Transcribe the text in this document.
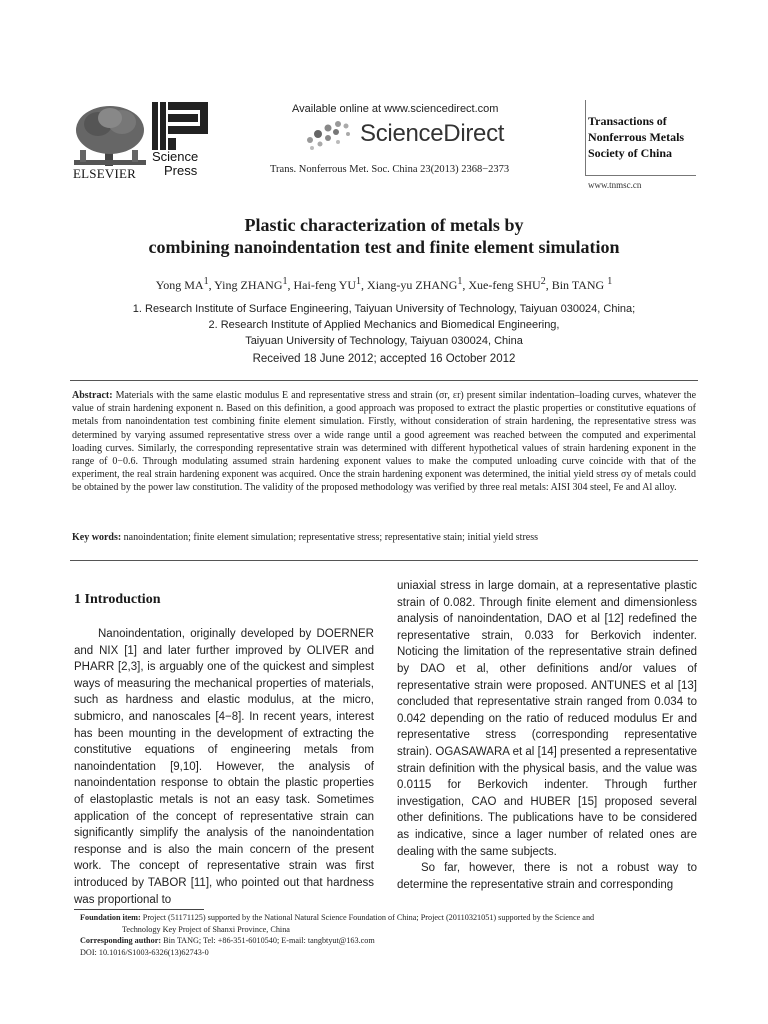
ELSEVIER
Science
Press
Available online at www.sciencedirect.com
ScienceDirect
Trans. Nonferrous Met. Soc. China 23(2013) 2368−2373
Transactions of
Nonferrous Metals
Society of China
www.tnmsc.cn
Plastic characterization of metals by
combining nanoindentation test and finite element simulation
Yong $MA^1$, Ying ZHANG$^1$, Hai-feng $YU^1$, Xiang-yu ZHANG$^1$, Xue-feng SHU$^2$, Bin TANG $^1$
1. Research Institute of Surface Engineering, Taiyuan University of Technology, Taiyuan 030024, China;
2. Research Institute of Applied Mechanics and Biomedical Engineering,
Taiyuan University of Technology, Taiyuan 030024, China
Received 18 June 2012; accepted 16 October 2012
Abstract: Materials with the same elastic modulus E and representative stress and strain (σr, εr) present similar indentation–loading curves, whatever the value of strain hardening exponent n. Based on this definition, a good approach was proposed to extract the plastic properties or constitutive equations of metals from nanoindentation test combining finite element simulation. Firstly, without consideration of strain hardening, the representative stress was determined by varying assumed representative stress over a wide range until a good agreement was reached between the computed and experimental loading curves. Similarly, the corresponding representative strain was determined with different hypothetical values of strain hardening exponent in the range of 0−0.6. Through modulating assumed strain hardening exponent values to make the computed unloading curve coincide with that of the experiment, the real strain hardening exponent was acquired. Once the strain hardening exponent was determined, the initial yield stress σy of metals could be obtained by the power law constitution. The validity of the proposed methodology was verified by three real metals: AISI 304 steel, Fe and Al alloy.
Key words: nanoindentation; finite element simulation; representative stress; representative stain; initial yield stress
1 Introduction
Nanoindentation, originally developed by DOERNER and NIX [1] and later further improved by OLIVER and PHARR [2,3], is arguably one of the quickest and simplest ways of measuring the mechanical properties of materials, such as hardness and elastic modulus, at the micro, submicro, and nanoscales [4−8]. In recent years, interest has been mounting in the development of extracting the constitutive equations of engineering metals from nanoindentation [9,10]. However, the analysis of nanoindentation response to obtain the plastic properties of elastoplastic metals is not an easy task. Sometimes application of the concept of representative strain can significantly simplify the analysis of the nanoindentation response and is also the main concern of the present work. The concept of representative strain was first introduced by TABOR [11], who pointed out that hardness was proportional to

uniaxial stress in large domain, at a representative plastic strain of 0.082. Through finite element and dimensionless analysis of nanoindentation, DAO et al [12] redefined the representative strain, 0.033 for Berkovich indenter. Noticing the limitation of the representative strain defined by DAO et al, other definitions and/or values of representative strain were proposed. ANTUNES et al [13] concluded that representative strain ranged from 0.034 to 0.042 depending on the ratio of reduced modulus Er and representative stress (corresponding representative strain). OGASAWARA et al [14] presented a representative strain definition with the physical basis, and the value was 0.0115 for Berkovich indenter. Through further investigation, CAO and HUBER [15] proposed several other definitions. The publications have to be considered as indicative, since a lager number of related ones are dealing with the same subjects.

So far, however, there is not a robust way to determine the representative strain and corresponding

Foundation item: Project (51171125) supported by the National Natural Science Foundation of China; Project (20110321051) supported by the Science and
Technology Key Project of Shanxi Province, China
Corresponding author: Bin TANG; Tel: +86-351-6010540; E-mail: tangbtyut@163.com
DOI: 10.1016/S1003-6326(13)62743-0
